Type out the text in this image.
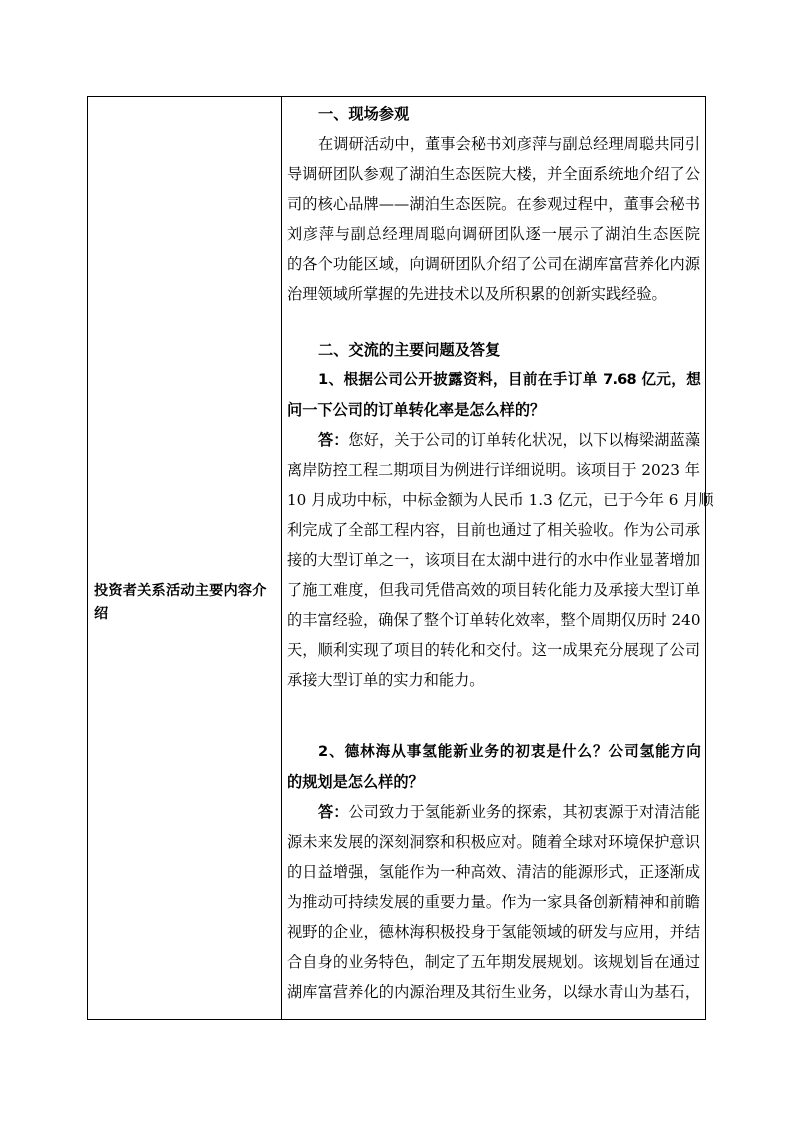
投资者关系活动主要内容介绍
一、现场参观
在调研活动中，董事会秘书刘彦萍与副总经理周聪共同引
导调研团队参观了湖泊生态医院大楼，并全面系统地介绍了公
司的核心品牌——湖泊生态医院。在参观过程中，董事会秘书
刘彦萍与副总经理周聪向调研团队逐一展示了湖泊生态医院
的各个功能区域，向调研团队介绍了公司在湖库富营养化内源
治理领域所掌握的先进技术以及所积累的创新实践经验。
二、交流的主要问题及答复
1、根据公司公开披露资料，目前在手订单 7.68 亿元，想
问一下公司的订单转化率是怎么样的？
答： 您好，关于公司的订单转化状况，以下以梅梁湖蓝藻
离岸防控工程二期项目为例进行详细说明。该项目于 2023 年
10 月成功中标，中标金额为人民币 1.3 亿元，已于今年 6 月顺
利完成了全部工程内容，目前也通过了相关验收。作为公司承
接的大型订单之一，该项目在太湖中进行的水中作业显著增加
了施工难度，但我司凭借高效的项目转化能力及承接大型订单
的丰富经验，确保了整个订单转化效率，整个周期仅历时 240
天，顺利实现了项目的转化和交付。这一成果充分展现了公司
承接大型订单的实力和能力。
2、德林海从事氢能新业务的初衷是什么？公司氢能方向
的规划是怎么样的？
答： 公司致力于氢能新业务的探索，其初衷源于对清洁能
源未来发展的深刻洞察和积极应对。随着全球对环境保护意识
的日益增强，氢能作为一种高效、清洁的能源形式，正逐渐成
为推动可持续发展的重要力量。作为一家具备创新精神和前瞻
视野的企业，德林海积极投身于氢能领域的研发与应用，并结
合自身的业务特色，制定了五年期发展规划。该规划旨在通过
湖库富营养化的内源治理及其衍生业务，以绿水青山为基石，
